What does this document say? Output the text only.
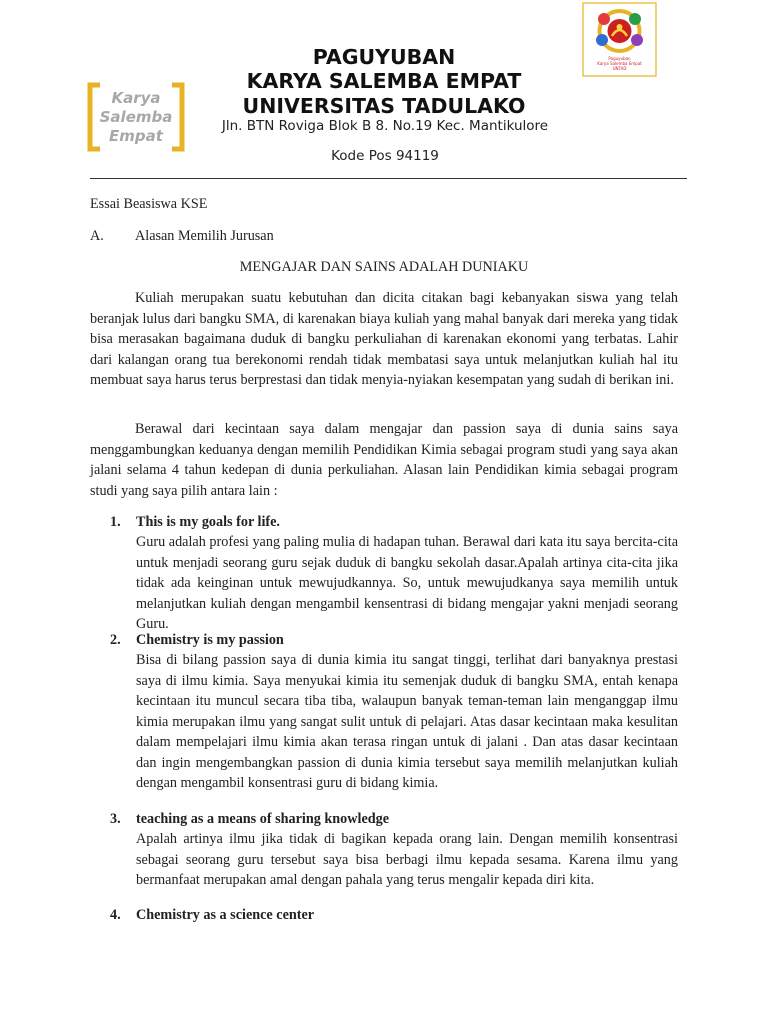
Karya
Salemba
Empat
Paguyuban
Karya Salemba Empat
UNTAD
PAGUYUBAN
KARYA SALEMBA EMPAT
UNIVERSITAS TADULAKO
Jln. BTN Roviga Blok B 8. No.19 Kec. Mantikulore
Kode Pos 94119
Essai Beasiswa KSE
A. Alasan Memilih Jurusan
MENGAJAR DAN SAINS ADALAH DUNIAKU

Kuliah merupakan suatu kebutuhan dan dicita citakan bagi kebanyakan siswa yang telah beranjak lulus dari bangku SMA, di karenakan biaya kuliah yang mahal banyak dari mereka yang tidak bisa merasakan bagaimana duduk di bangku perkuliahan di karenakan ekonomi yang terbatas. Lahir dari kalangan orang tua berekonomi rendah tidak membatasi saya untuk melanjutkan kuliah hal itu membuat saya harus terus berprestasi dan tidak menyia-nyiakan kesempatan yang sudah di berikan ini.

Berawal dari kecintaan saya dalam mengajar dan passion saya di dunia sains saya menggambungkan keduanya dengan memilih Pendidikan Kimia sebagai program studi yang saya akan jalani selama 4 tahun kedepan di dunia perkuliahan. Alasan lain Pendidikan kimia sebagai program studi yang saya pilih antara lain :

1. This is my goals for life.

Guru adalah profesi yang paling mulia di hadapan tuhan. Berawal dari kata itu saya bercita-cita untuk menjadi seorang guru sejak duduk di bangku sekolah dasar.Apalah artinya cita-cita jika tidak ada keinginan untuk mewujudkannya. So, untuk mewujudkanya saya memilih untuk melanjutkan kuliah dengan mengambil kensentrasi di bidang mengajar yakni menjadi seorang Guru.

2. Chemistry is my passion

Bisa di bilang passion saya di dunia kimia itu sangat tinggi, terlihat dari banyaknya prestasi saya di ilmu kimia. Saya menyukai kimia itu semenjak duduk di bangku SMA, entah kenapa kecintaan itu muncul secara tiba tiba, walaupun banyak teman-teman lain menganggap ilmu kimia merupakan ilmu yang sangat sulit untuk di pelajari. Atas dasar kecintaan maka kesulitan dalam mempelajari ilmu kimia akan terasa ringan untuk di jalani . Dan atas dasar kecintaan dan ingin mengembangkan passion di dunia kimia tersebut saya memilih melanjutkan kuliah dengan mengambil konsentrasi guru di bidang kimia.

3. teaching as a means of sharing knowledge

Apalah artinya ilmu jika tidak di bagikan kepada orang lain. Dengan memilih konsentrasi sebagai seorang guru tersebut saya bisa berbagi ilmu kepada sesama. Karena ilmu yang bermanfaat merupakan amal dengan pahala yang terus mengalir kepada diri kita.

4. Chemistry as a science center
